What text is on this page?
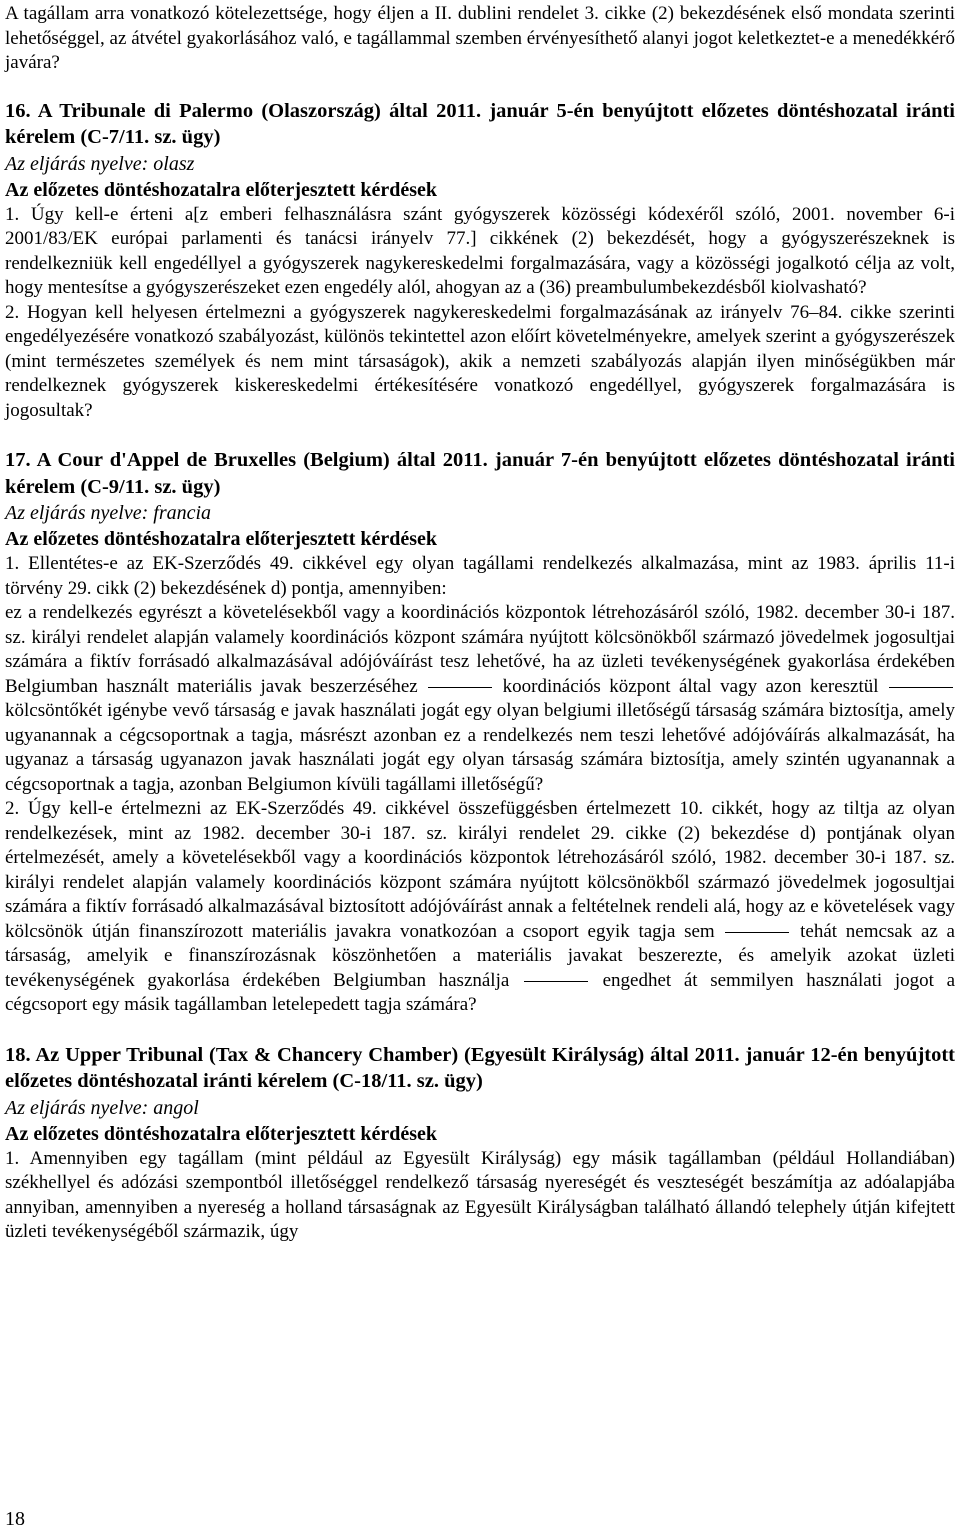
A tagállam arra vonatkozó kötelezettsége, hogy éljen a II. dublini rendelet 3. cikke (2) bekezdésének első mondata szerinti lehetőséggel, az átvétel gyakorlásához való, e tagállammal szemben érvényesíthető alanyi jogot keletkeztet-e a menedékkérő javára?

16. A Tribunale di Palermo (Olaszország) által 2011. január 5-én benyújtott előzetes döntéshozatal iránti kérelem (C-7/11. sz. ügy)

Az eljárás nyelve: olasz

Az előzetes döntéshozatalra előterjesztett kérdések

1. Úgy kell-e érteni a[z emberi felhasználásra szánt gyógyszerek közösségi kódexéről szóló, 2001. november 6-i 2001/83/EK európai parlamenti és tanácsi irányelv 77.] cikkének (2) bekezdését, hogy a gyógyszerészeknek is rendelkezniük kell engedéllyel a gyógyszerek nagykereskedelmi forgalmazására, vagy a közösségi jogalkotó célja az volt, hogy mentesítse a gyógyszerészeket ezen engedély alól, ahogyan az a (36) preambulumbekezdésből kiolvasható?

2. Hogyan kell helyesen értelmezni a gyógyszerek nagykereskedelmi forgalmazásának az irányelv 76–84. cikke szerinti engedélyezésére vonatkozó szabályozást, különös tekintettel azon előírt követelményekre, amelyek szerint a gyógyszerészek (mint természetes személyek és nem mint társaságok), akik a nemzeti szabályozás alapján ilyen minőségükben már rendelkeznek gyógyszerek kiskereskedelmi értékesítésére vonatkozó engedéllyel, gyógyszerek forgalmazására is jogosultak?

17. A Cour d'Appel de Bruxelles (Belgium) által 2011. január 7-én benyújtott előzetes döntéshozatal iránti kérelem (C-9/11. sz. ügy)

Az eljárás nyelve: francia

Az előzetes döntéshozatalra előterjesztett kérdések

1. Ellentétes-e az EK-Szerződés 49. cikkével egy olyan tagállami rendelkezés alkalmazása, mint az 1983. április 11-i törvény 29. cikk (2) bekezdésének d) pontja, amennyiben:

ez a rendelkezés egyrészt a követelésekből vagy a koordinációs központok létrehozásáról szóló, 1982. december 30-i 187. sz. királyi rendelet alapján valamely koordinációs központ számára nyújtott kölcsönökből származó jövedelmek jogosultjai számára a fiktív forrásadó alkalmazásával adójóváírást tesz lehetővé, ha az üzleti tevékenységének gyakorlása érdekében Belgiumban használt materiális javak beszerzéséhez	koordinációs központ által vagy azon keresztül  kölcsöntőkét igénybe vevő társaság e javak használati jogát egy olyan belgiumi illetőségű társaság számára biztosítja, amely ugyanannak a cégcsoportnak a tagja, másrészt azonban ez a rendelkezés nem teszi lehetővé adójóváírás alkalmazását, ha ugyanaz a társaság ugyanazon javak használati jogát egy olyan társaság számára biztosítja, amely szintén ugyanannak a cégcsoportnak a tagja, azonban Belgiumon kívüli tagállami illetőségű?

2. Úgy kell-e értelmezni az EK-Szerződés 49. cikkével összefüggésben értelmezett 10. cikkét, hogy az tiltja az olyan rendelkezések, mint az 1982. december 30-i 187. sz. királyi rendelet 29. cikke (2) bekezdése d) pontjának olyan értelmezését, amely a követelésekből vagy a koordinációs központok létrehozásáról szóló, 1982. december 30-i 187. sz. királyi rendelet alapján valamely koordinációs központ számára nyújtott kölcsönökből származó jövedelmek jogosultjai számára a fiktív forrásadó alkalmazásával biztosított adójóváírást annak a feltételnek rendeli alá, hogy az e követelések vagy kölcsönök útján finanszírozott materiális javakra vonatkozóan a csoport egyik tagja sem	tehát nemcsak az a társaság, amelyik e finanszírozásnak köszönhetően a materiális javakat beszerezte, és amelyik azokat üzleti tevékenységének gyakorlása érdekében Belgiumban használja	engedhet át semmilyen használati jogot a cégcsoport egy másik tagállamban letelepedett tagja számára?

18. Az Upper Tribunal (Tax & Chancery Chamber) (Egyesült Királyság) által 2011. január 12-én benyújtott előzetes döntéshozatal iránti kérelem (C-18/11. sz. ügy)

Az eljárás nyelve: angol

Az előzetes döntéshozatalra előterjesztett kérdések

1. Amennyiben egy tagállam (mint például az Egyesült Királyság) egy másik tagállamban (például Hollandiában) székhellyel és adózási szempontból illetőséggel rendelkező társaság nyereségét és veszteségét beszámítja az adóalapjába annyiban, amennyiben a nyereség a holland társaságnak az Egyesült Királyságban található állandó telephely útján kifejtett üzleti tevékenységéből származik, úgy

18
